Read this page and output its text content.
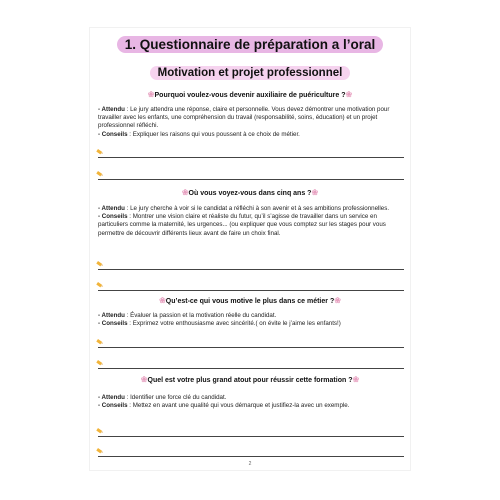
1. Questionnaire de préparation a l’oral
Motivation et projet professionnel
❀Pourquoi voulez-vous devenir auxiliaire de puériculture ?❀
- Attendu : Le jury attendra une réponse, claire et personnelle. Vous devez démontrer une motivation pour travailler avec les enfants, une compréhension du travail (responsabilité, soins, éducation) et un projet professionnel réfléchi.
- Conseils : Expliquer les raisons qui vous poussent à ce choix de métier.
❀Où vous voyez-vous dans cinq ans ?❀
- Attendu : Le jury cherche à voir si le candidat a réfléchi à son avenir et à ses ambitions professionnelles.
- Conseils : Montrer une vision claire et réaliste du futur, qu’il s’agisse de travailler dans un service en particuliers comme la maternité, les urgences... (ou expliquer que vous comptez sur les stages pour vous permettre de découvrir différents lieux avant de faire un choix final.
❀Qu’est-ce qui vous motive le plus dans ce métier ?❀
- Attendu : Évaluer la passion et la motivation réelle du candidat.
- Conseils : Exprimez votre enthousiasme avec sincérité.( on évite le j’aime les enfants!)
❀Quel est votre plus grand atout pour réussir cette formation ?❀
- Attendu : Identifier une force clé du candidat.
- Conseils : Mettez en avant une qualité qui vous démarque et justifiez-la avec un exemple.
2
